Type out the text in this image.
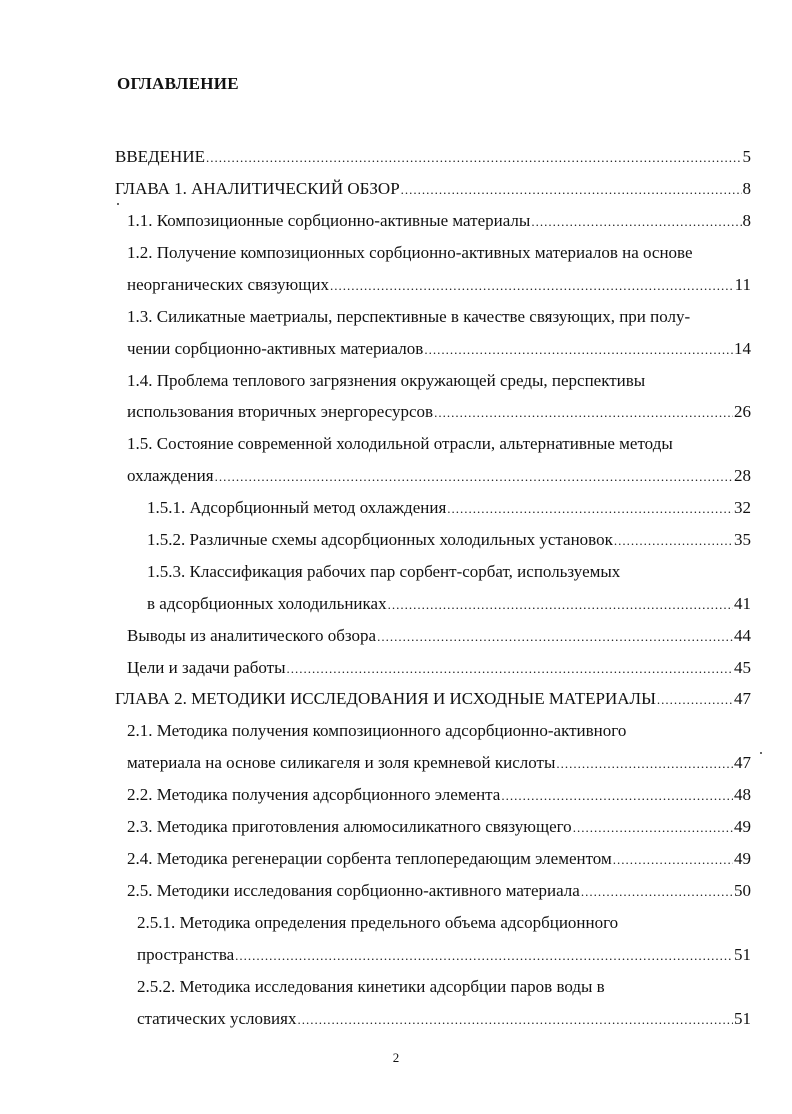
ОГЛАВЛЕНИЕ
ВВЕДЕНИЕ .....	5
ГЛАВА 1. АНАЛИТИЧЕСКИЙ ОБЗОР .....	8
1.1. Композиционные сорбционно-активные материалы .....	8
1.2. Получение композиционных сорбционно-активных материалов на основе
неорганических связующих .....	11
1.3. Силикатные маетриалы, перспективные в качестве связующих, при полу-
чении сорбционно-активных материалов .....	14
1.4. Проблема теплового загрязнения окружающей среды, перспективы
использования вторичных энергоресурсов .....	26
1.5. Состояние современной холодильной отрасли, альтернативные методы
охлаждения .....	28
1.5.1. Адсорбционный метод охлаждения .....	32
1.5.2. Различные схемы адсорбционных холодильных установок .....	35
1.5.3. Классификация рабочих пар сорбент-сорбат, используемых
в адсорбционных холодильниках .....	41
Выводы из аналитического обзора .....	44
Цели и задачи работы .....	45
ГЛАВА 2. МЕТОДИКИ ИССЛЕДОВАНИЯ И ИСХОДНЫЕ МАТЕРИАЛЫ .....	47
2.1. Методика получения композиционного адсорбционно-активного
материала на основе силикагеля и золя кремневой кислоты .....	47
2.2. Методика получения адсорбционного элемента .....	48
2.3. Методика приготовления алюмосиликатного связующего .....	49
2.4. Методика регенерации сорбента теплопередающим элементом .....	49
2.5. Методики исследования сорбционно-активного материала .....	50
2.5.1. Методика определения предельного объема адсорбционного
пространства .....	51
2.5.2. Методика исследования кинетики адсорбции паров воды в
статических условиях .....	51
2
